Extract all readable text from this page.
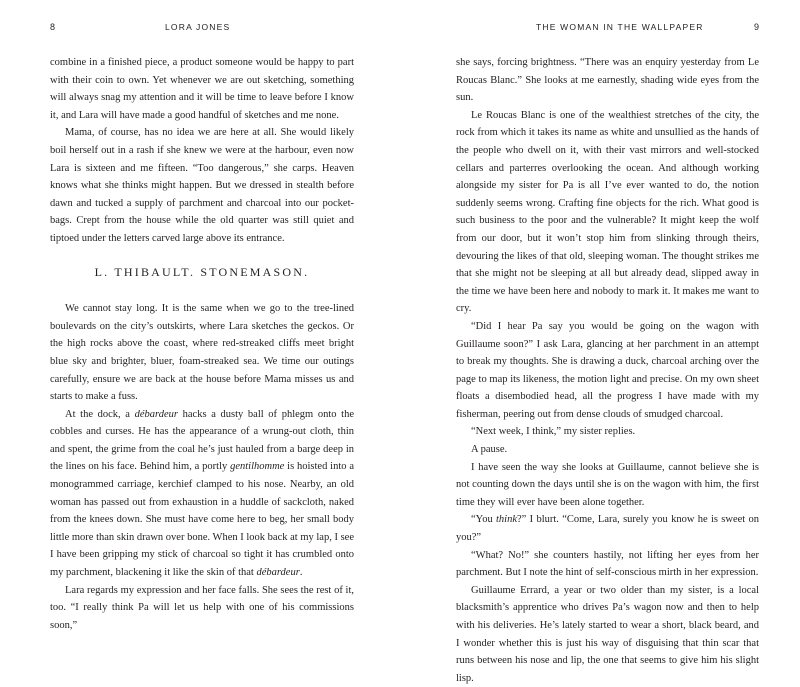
8	LORA JONES

combine in a finished piece, a product someone would be happy to part with their coin to own. Yet whenever we are out sketching, something will always snag my attention and it will be time to leave before I know it, and Lara will have made a good handful of sketches and me none.

Mama, of course, has no idea we are here at all. She would likely boil herself out in a rash if she knew we were at the harbour, even now Lara is sixteen and me fifteen. “Too dangerous,” she carps. Heaven knows what she thinks might happen. But we dressed in stealth before dawn and tucked a supply of parchment and charcoal into our pocket-bags. Crept from the house while the old quarter was still quiet and tiptoed under the letters carved large above its entrance.

L. THIBAULT. STONEMASON.

We cannot stay long. It is the same when we go to the tree-lined boulevards on the city’s outskirts, where Lara sketches the geckos. Or the high rocks above the coast, where red-streaked cliffs meet bright blue sky and brighter, bluer, foam-streaked sea. We time our outings carefully, ensure we are back at the house before Mama misses us and starts to make a fuss.

At the dock, a débardeur hacks a dusty ball of phlegm onto the cobbles and curses. He has the appearance of a wrung-out cloth, thin and spent, the grime from the coal he’s just hauled from a barge deep in the lines on his face. Behind him, a portly gentilhomme is hoisted into a monogrammed carriage, kerchief clamped to his nose. Nearby, an old woman has passed out from exhaustion in a huddle of sackcloth, naked from the knees down. She must have come here to beg, her small body little more than skin drawn over bone. When I look back at my lap, I see I have been gripping my stick of charcoal so tight it has crumbled onto my parchment, blackening it like the skin of that débardeur.

Lara regards my expression and her face falls. She sees the rest of it, too. “I really think Pa will let us help with one of his commissions soon,”

THE WOMAN IN THE WALLPAPER	9

she says, forcing brightness. “There was an enquiry yesterday from Le Roucas Blanc.” She looks at me earnestly, shading wide eyes from the sun.

Le Roucas Blanc is one of the wealthiest stretches of the city, the rock from which it takes its name as white and unsullied as the hands of the people who dwell on it, with their vast mirrors and well-stocked cellars and parterres overlooking the ocean. And although working alongside my sister for Pa is all I’ve ever wanted to do, the notion suddenly seems wrong. Crafting fine objects for the rich. What good is such business to the poor and the vulnerable? It might keep the wolf from our door, but it won’t stop him from slinking through theirs, devouring the likes of that old, sleeping woman. The thought strikes me that she might not be sleeping at all but already dead, slipped away in the time we have been here and nobody to mark it. It makes me want to cry.

“Did I hear Pa say you would be going on the wagon with Guillaume soon?” I ask Lara, glancing at her parchment in an attempt to break my thoughts. She is drawing a duck, charcoal arching over the page to map its likeness, the motion light and precise. On my own sheet floats a disembodied head, all the progress I have made with my fisherman, peering out from dense clouds of smudged charcoal.

“Next week, I think,” my sister replies.

A pause.

I have seen the way she looks at Guillaume, cannot believe she is not counting down the days until she is on the wagon with him, the first time they will ever have been alone together.

“You think?” I blurt. “Come, Lara, surely you know he is sweet on you?”

“What? No!” she counters hastily, not lifting her eyes from her parchment. But I note the hint of self-conscious mirth in her expression.

Guillaume Errard, a year or two older than my sister, is a local blacksmith’s apprentice who drives Pa’s wagon now and then to help with his deliveries. He’s lately started to wear a short, black beard, and I wonder whether this is just his way of disguising that thin scar that runs between his nose and lip, the one that seems to give him his slight lisp.
